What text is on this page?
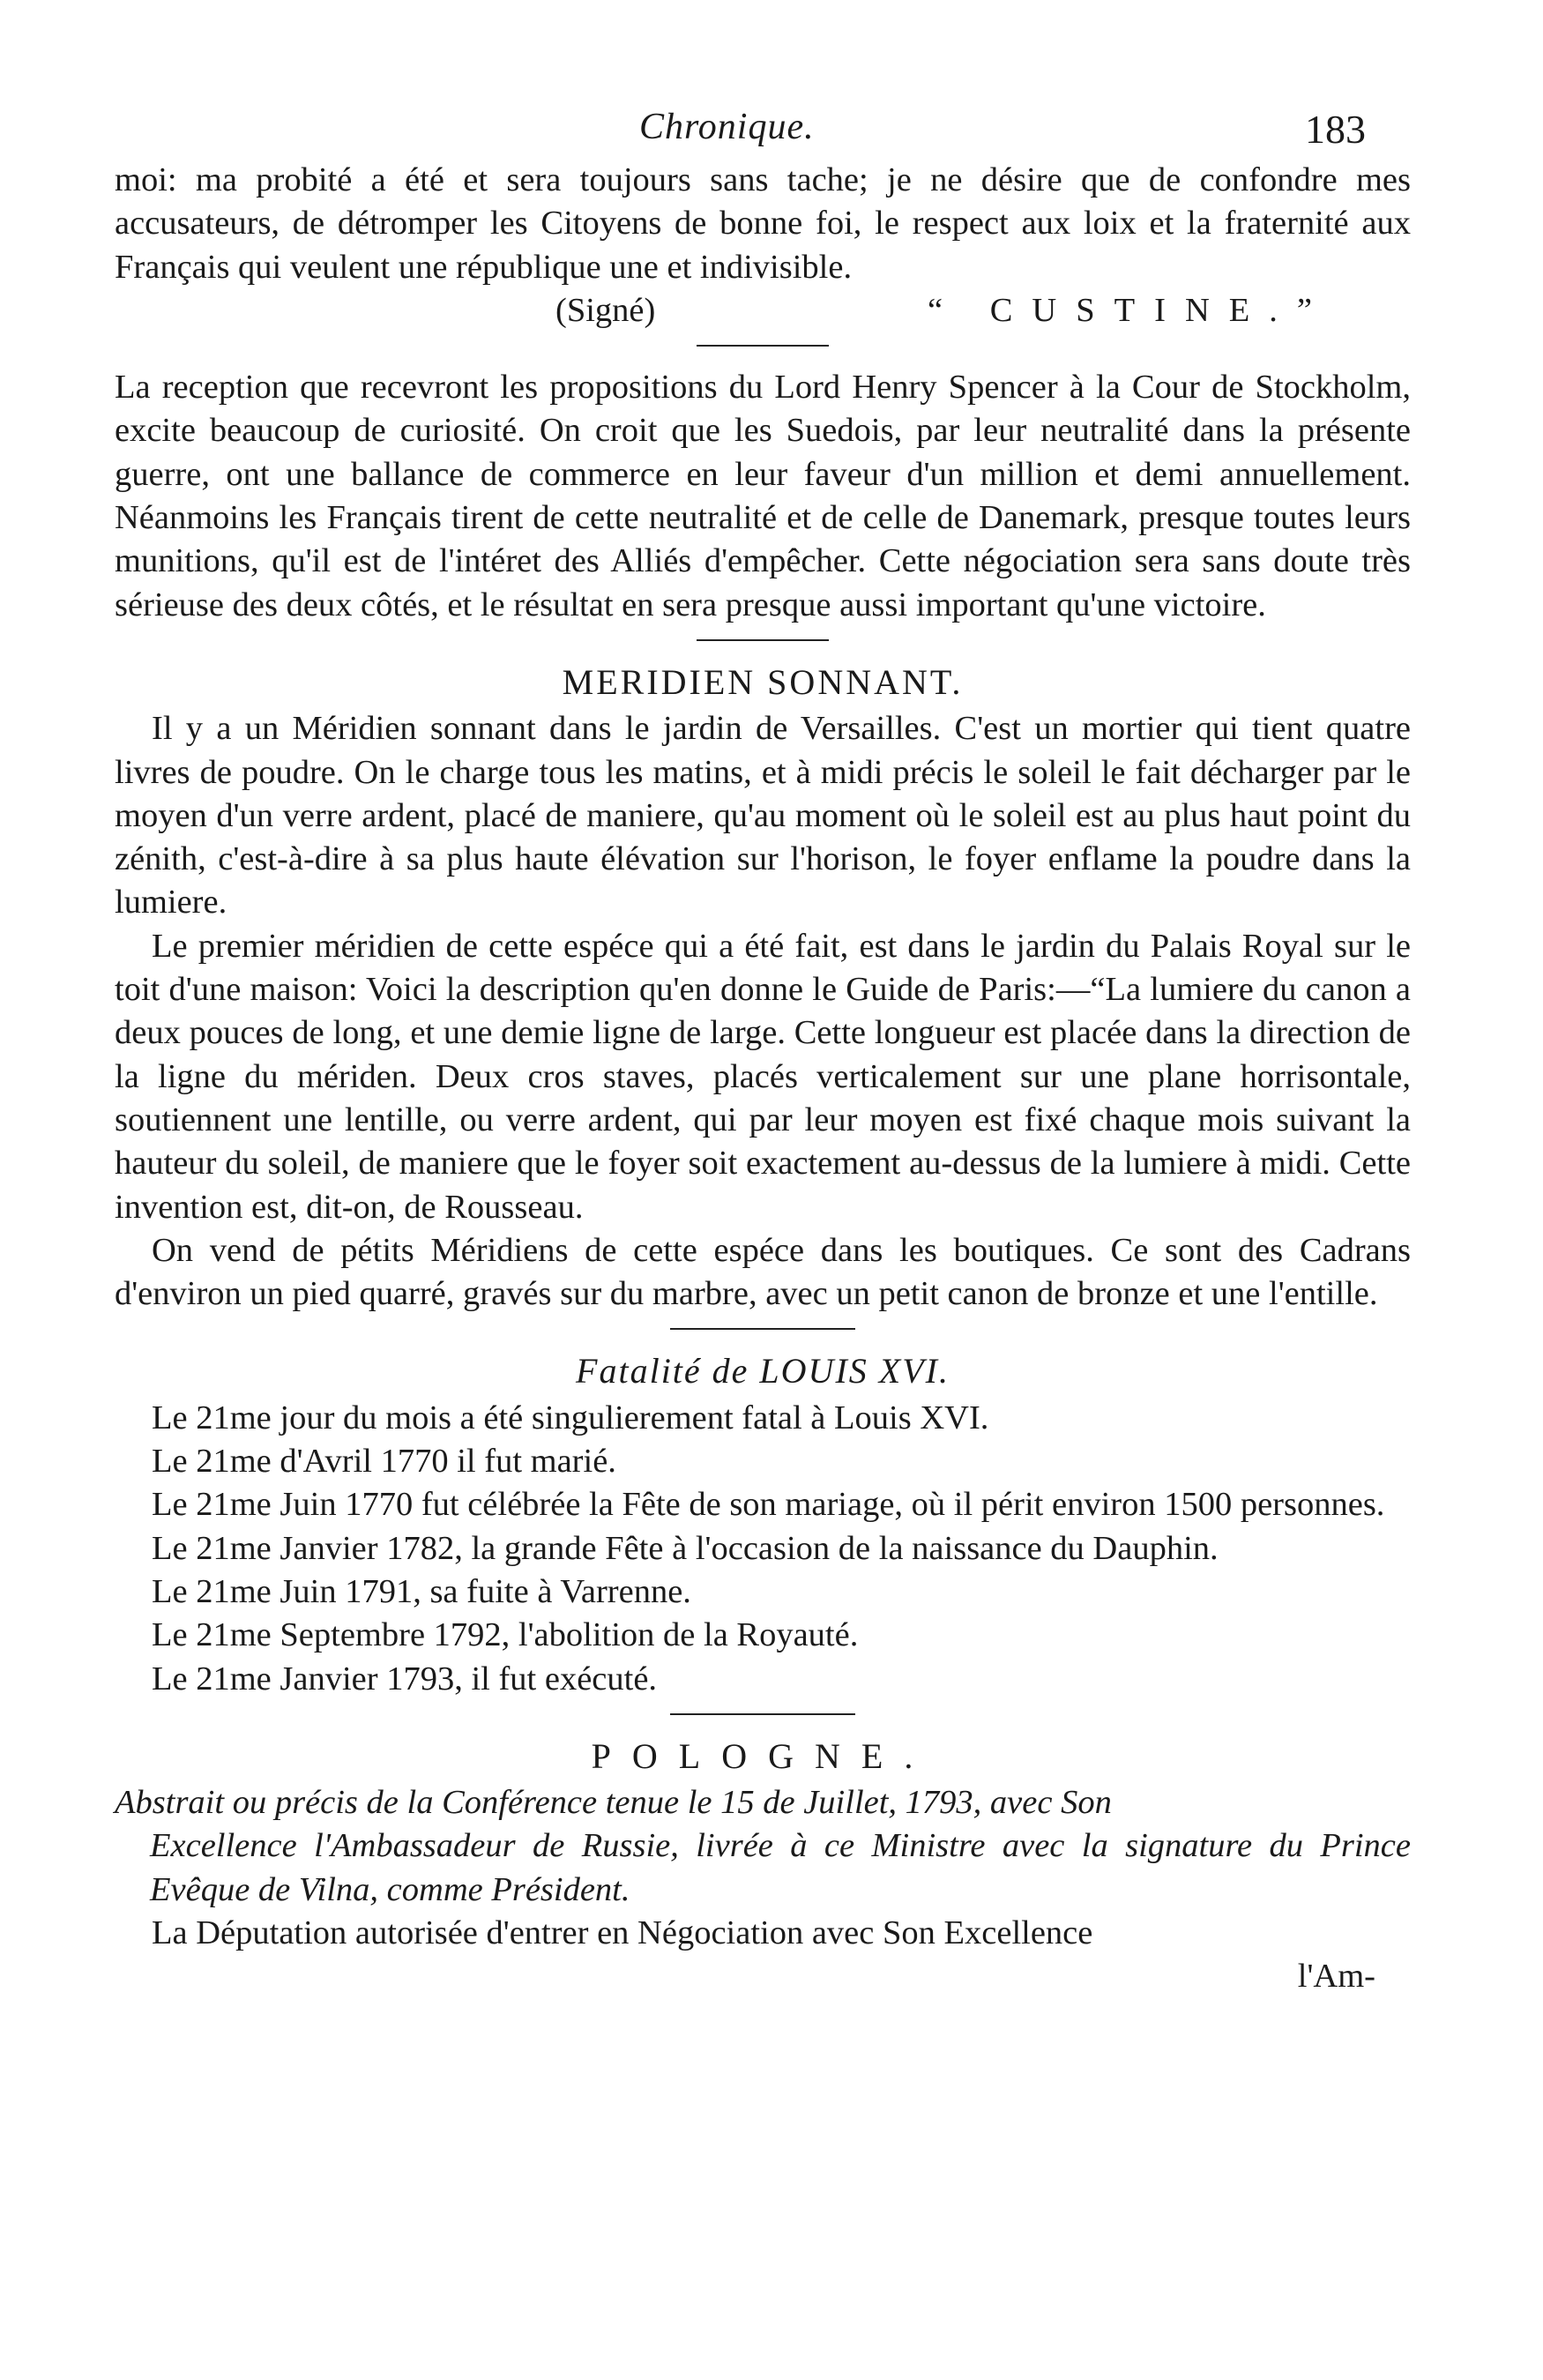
Chronique.	183

moi: ma probité a été et sera toujours sans tache; je ne désire que de confondre mes accusateurs, de détromper les Citoyens de bonne foi, le respect aux loix et la fraternité aux Français qui veulent une république une et indivisible.

(Signé)	“ CUSTINE.”

La reception que recevront les propositions du Lord Henry Spencer à la Cour de Stockholm, excite beaucoup de curiosité. On croit que les Suedois, par leur neutralité dans la présente guerre, ont une ballance de commerce en leur faveur d'un million et demi annuellement. Néanmoins les Français tirent de cette neutralité et de celle de Danemark, presque toutes leurs munitions, qu'il est de l'intéret des Alliés d'empêcher. Cette négociation sera sans doute très sérieuse des deux côtés, et le résultat en sera presque aussi important qu'une victoire.

MERIDIEN SONNANT.

Il y a un Méridien sonnant dans le jardin de Versailles. C'est un mortier qui tient quatre livres de poudre. On le charge tous les matins, et à midi précis le soleil le fait décharger par le moyen d'un verre ardent, placé de maniere, qu'au moment où le soleil est au plus haut point du zénith, c'est-à-dire à sa plus haute élévation sur l'horison, le foyer enflame la poudre dans la lumiere.

Le premier méridien de cette espéce qui a été fait, est dans le jardin du Palais Royal sur le toit d'une maison: Voici la description qu'en donne le Guide de Paris:—“La lumiere du canon a deux pouces de long, et une demie ligne de large. Cette longueur est placée dans la direction de la ligne du mériden. Deux cros staves, placés verticalement sur une plane horrisontale, soutiennent une lentille, ou verre ardent, qui par leur moyen est fixé chaque mois suivant la hauteur du soleil, de maniere que le foyer soit exactement au-dessus de la lumiere à midi. Cette invention est, dit-on, de Rousseau.

On vend de pétits Méridiens de cette espéce dans les boutiques. Ce sont des Cadrans d'environ un pied quarré, gravés sur du marbre, avec un petit canon de bronze et une l'entille.

Fatalité de LOUIS XVI.

Le 21me jour du mois a été singulierement fatal à Louis XVI.

Le 21me d'Avril 1770 il fut marié.

Le 21me Juin 1770 fut célébrée la Fête de son mariage, où il périt environ 1500 personnes.

Le 21me Janvier 1782, la grande Fête à l'occasion de la naissance du Dauphin.

Le 21me Juin 1791, sa fuite à Varrenne.

Le 21me Septembre 1792, l'abolition de la Royauté.

Le 21me Janvier 1793, il fut exécuté.

POLOGNE.

Abstrait ou précis de la Conférence tenue le 15 de Juillet, 1793, avec Son
Excellence l'Ambassadeur de Russie, livrée à ce Ministre avec la signature du Prince Evêque de Vilna, comme Président.

La Députation autorisée d'entrer en Négociation avec Son Excellence

l'Am-
